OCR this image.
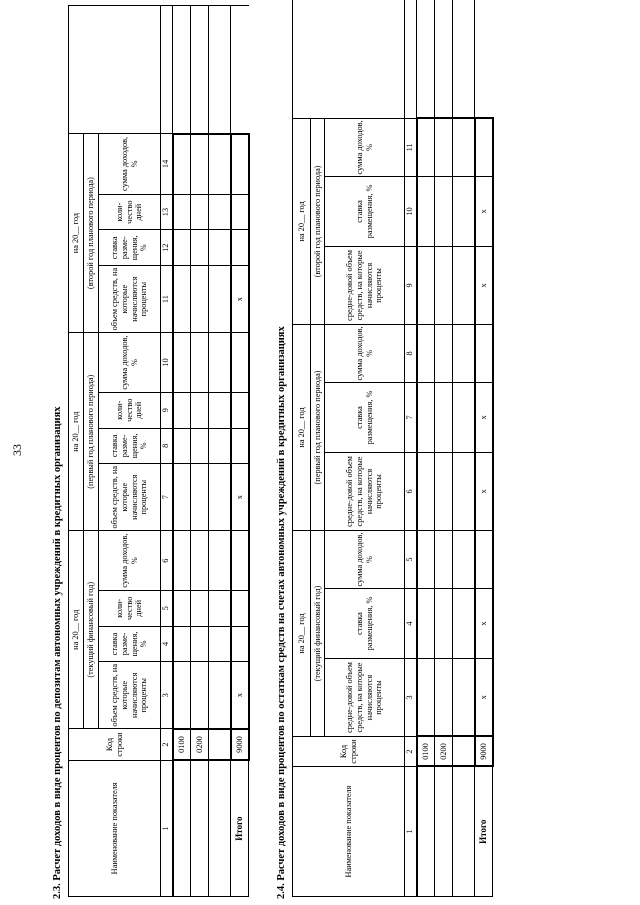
33	2.3. Расчет доходов в виде процентов по депозитам автономных учреждений в кредитных организациях	Наименование показателя	Код строки	на 20__ год				на 20__ год				на 20__ год				
		(текущий финансовый год)				(первый год планового периода)				(второй год планового периода)				
		объем средств, на которые начисляются проценты	ставка разме-щения, %	коли-чество дней	сумма доходов, %	объем средств, на которые начисляются проценты	ставка разме-щения, %	коли-чество дней	сумма доходов, %	объем средств, на которые начисляются проценты	ставка разме-щения, %	коли-чество дней	сумма доходов, %	
1	2	3	4	5	6	7	8	9	10	11	12	13	14	
	0100													
	0200													

Итого	9000	х				х				х				
2.4. Расчет доходов в виде процентов по остаткам средств на счетах автономных учреждений в кредитных организациях	Наименование показателя	Код строки	на 20__ год			на 20__ год			на 20__ год			
		(текущий финансовый год)			(первый год планового периода)			(второй год планового периода)			
		средне-довой объем средств, на которые начисляются проценты	ставка размещения, %	сумма доходов, %	средне-довой объем средств, на которые начисляются проценты	ставка размещения, %	сумма доходов, %	средне-довой объем средств, на которые начисляются проценты	ставка размещения, %	сумма доходов, %	
1	2	3	4	5	6	7	8	9	10	11	
	0100										
	0200										

Итого	9000	х	х		х	х		х	х		
